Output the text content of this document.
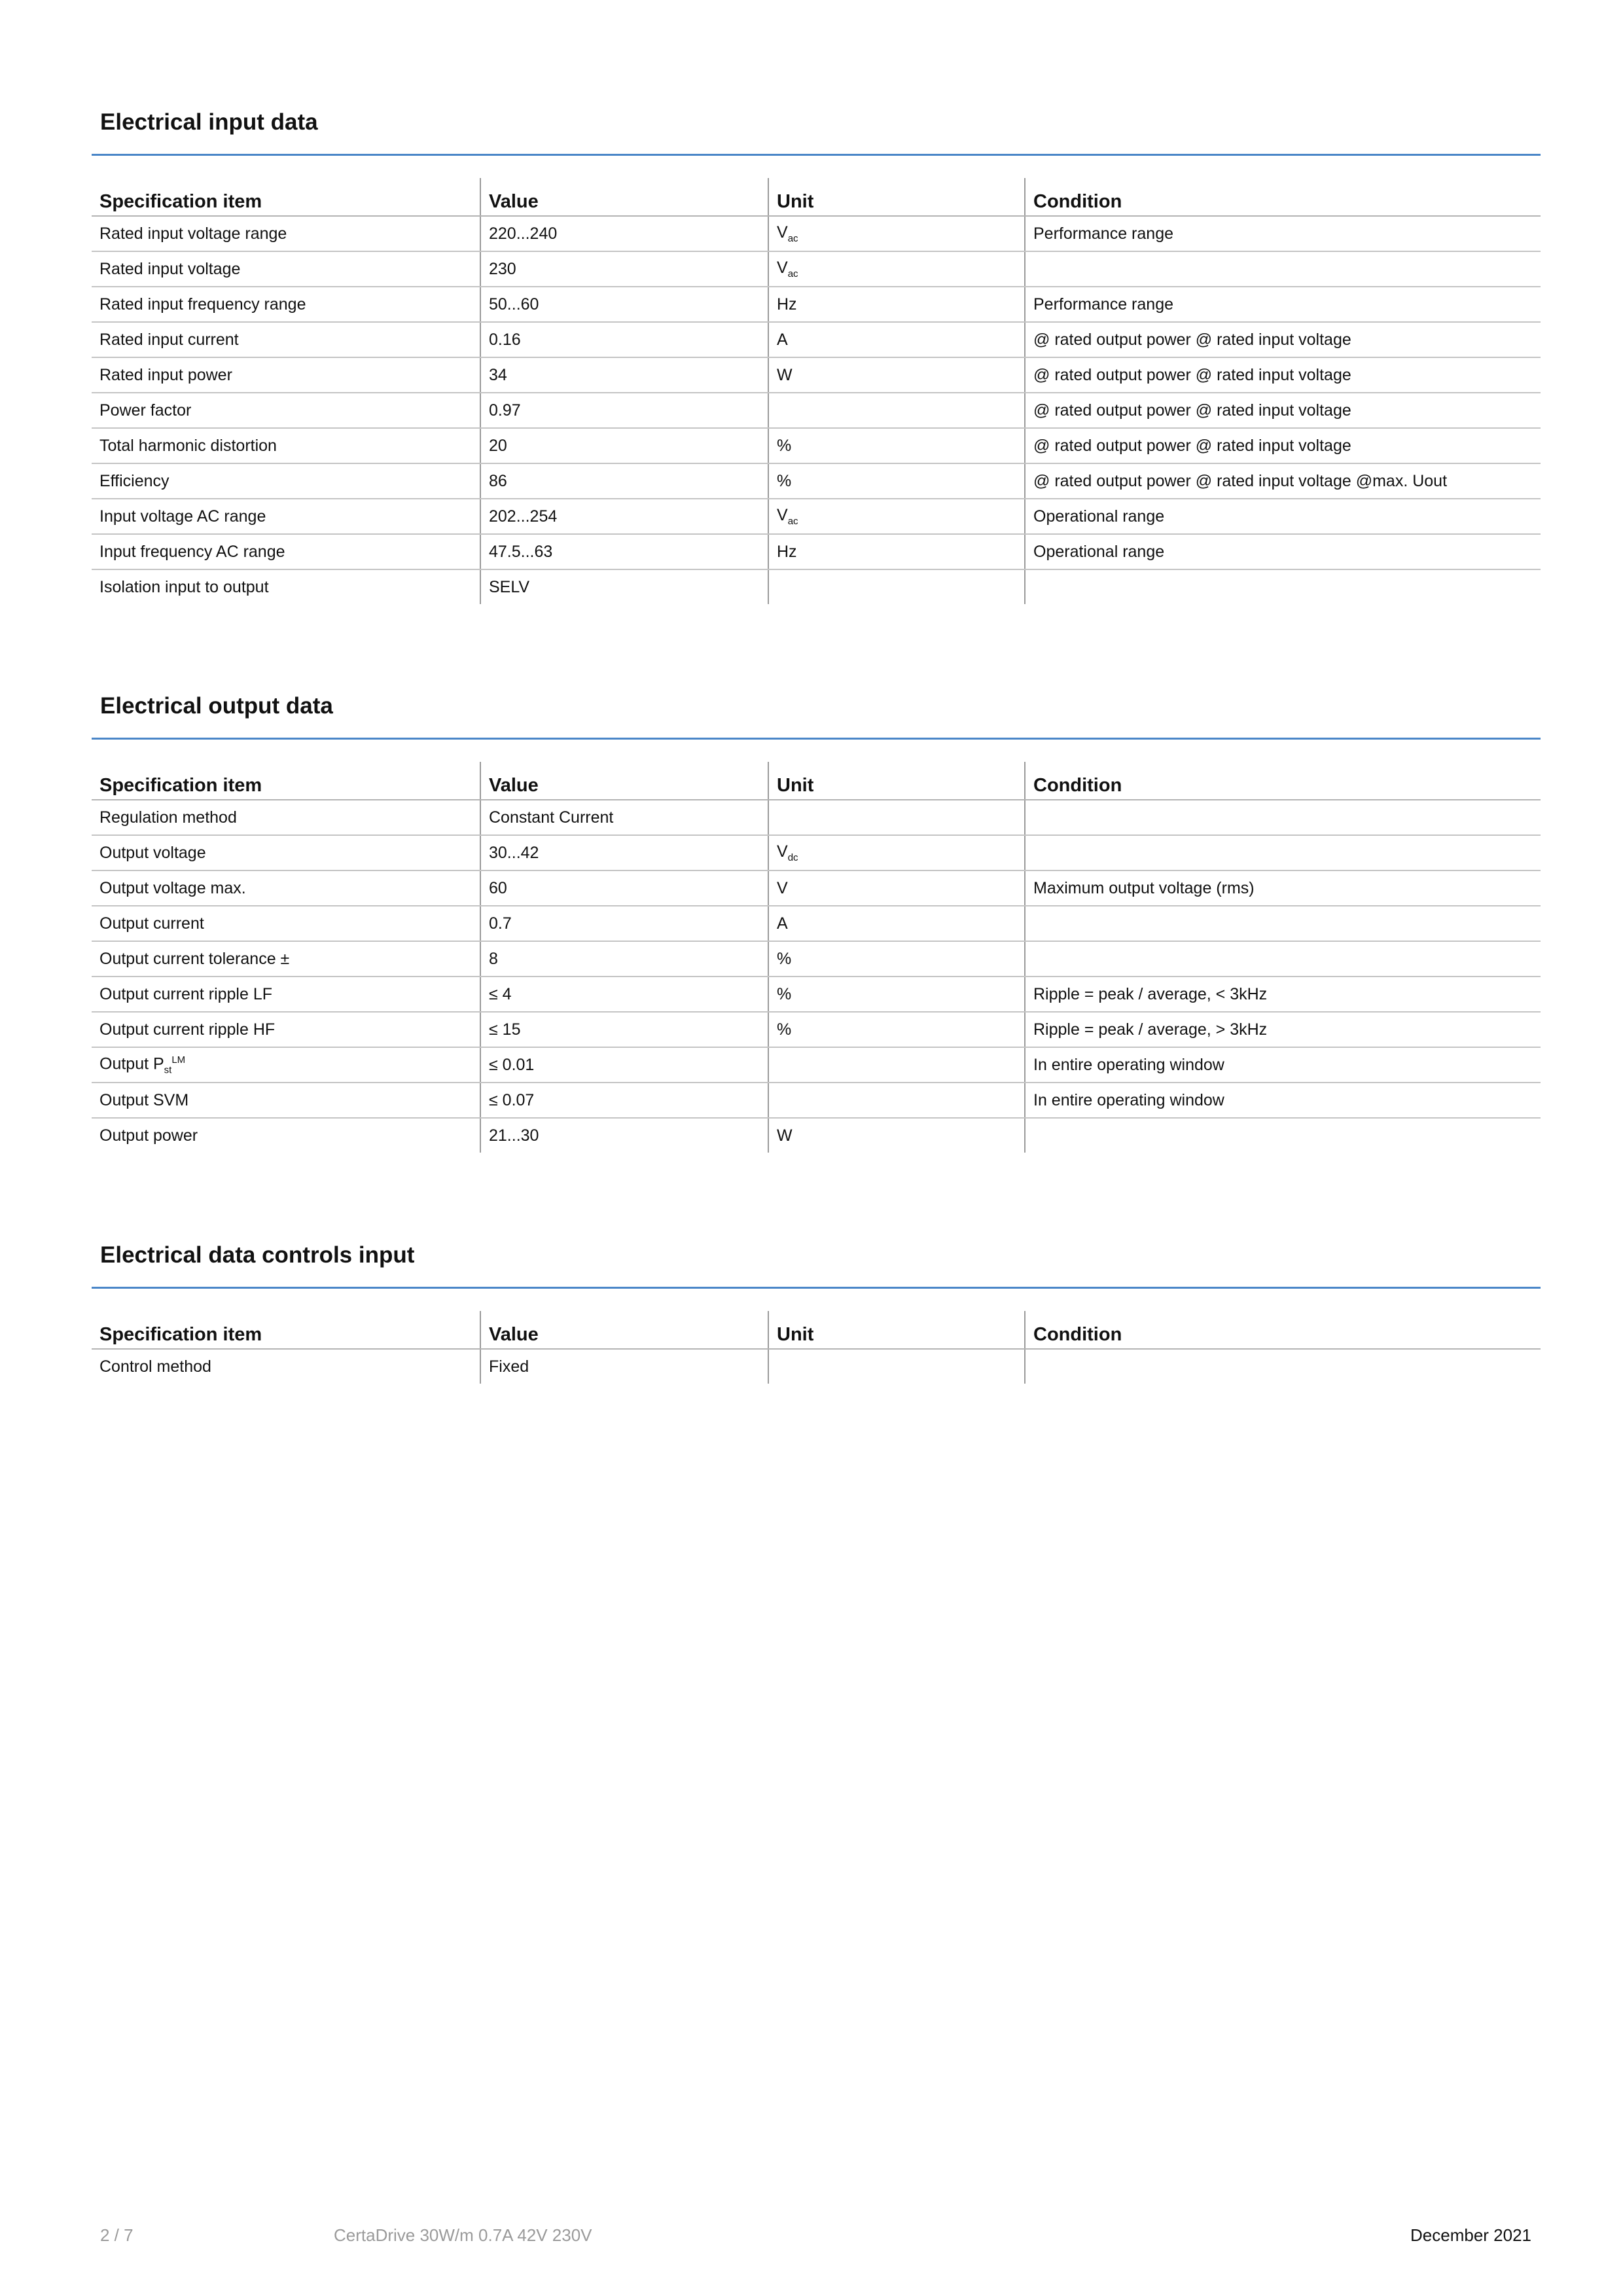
Electrical input data
Specification item	Value	Unit	Condition
Rated input voltage range	220...240	$V_{ac}$	Performance range
Rated input voltage	230	$V_{ac}$	
Rated input frequency range	50...60	Hz	Performance range
Rated input current	0.16	A	@ rated output power @ rated input voltage
Rated input power	34	W	@ rated output power @ rated input voltage
Power factor	0.97		@ rated output power @ rated input voltage
Total harmonic distortion	20	%	@ rated output power @ rated input voltage
Efficiency	86	%	@ rated output power @ rated input voltage @max. Uout
Input voltage AC range	202...254	$V_{ac}$	Operational range
Input frequency AC range	47.5...63	Hz	Operational range
Isolation input to output	SELV		
Electrical output data
Specification item	Value	Unit	Condition
Regulation method	Constant Current		
Output voltage	30...42	$V_{dc}$	
Output voltage max.	60	V	Maximum output voltage (rms)
Output current	0.7	A	
Output current tolerance ±	8	%	
Output current ripple LF	≤ 4	%	Ripple = peak / average, < 3kHz
Output current ripple HF	≤ 15	%	Ripple = peak / average, > 3kHz
Output $P_{st}^{LM}$	≤ 0.01		In entire operating window
Output SVM	≤ 0.07		In entire operating window
Output power	21...30	W	
Electrical data controls input
Specification item	Value	Unit	Condition
Control method	Fixed		
2 / 7	CertaDrive 30W/m 0.7A 42V 230V	December 2021
